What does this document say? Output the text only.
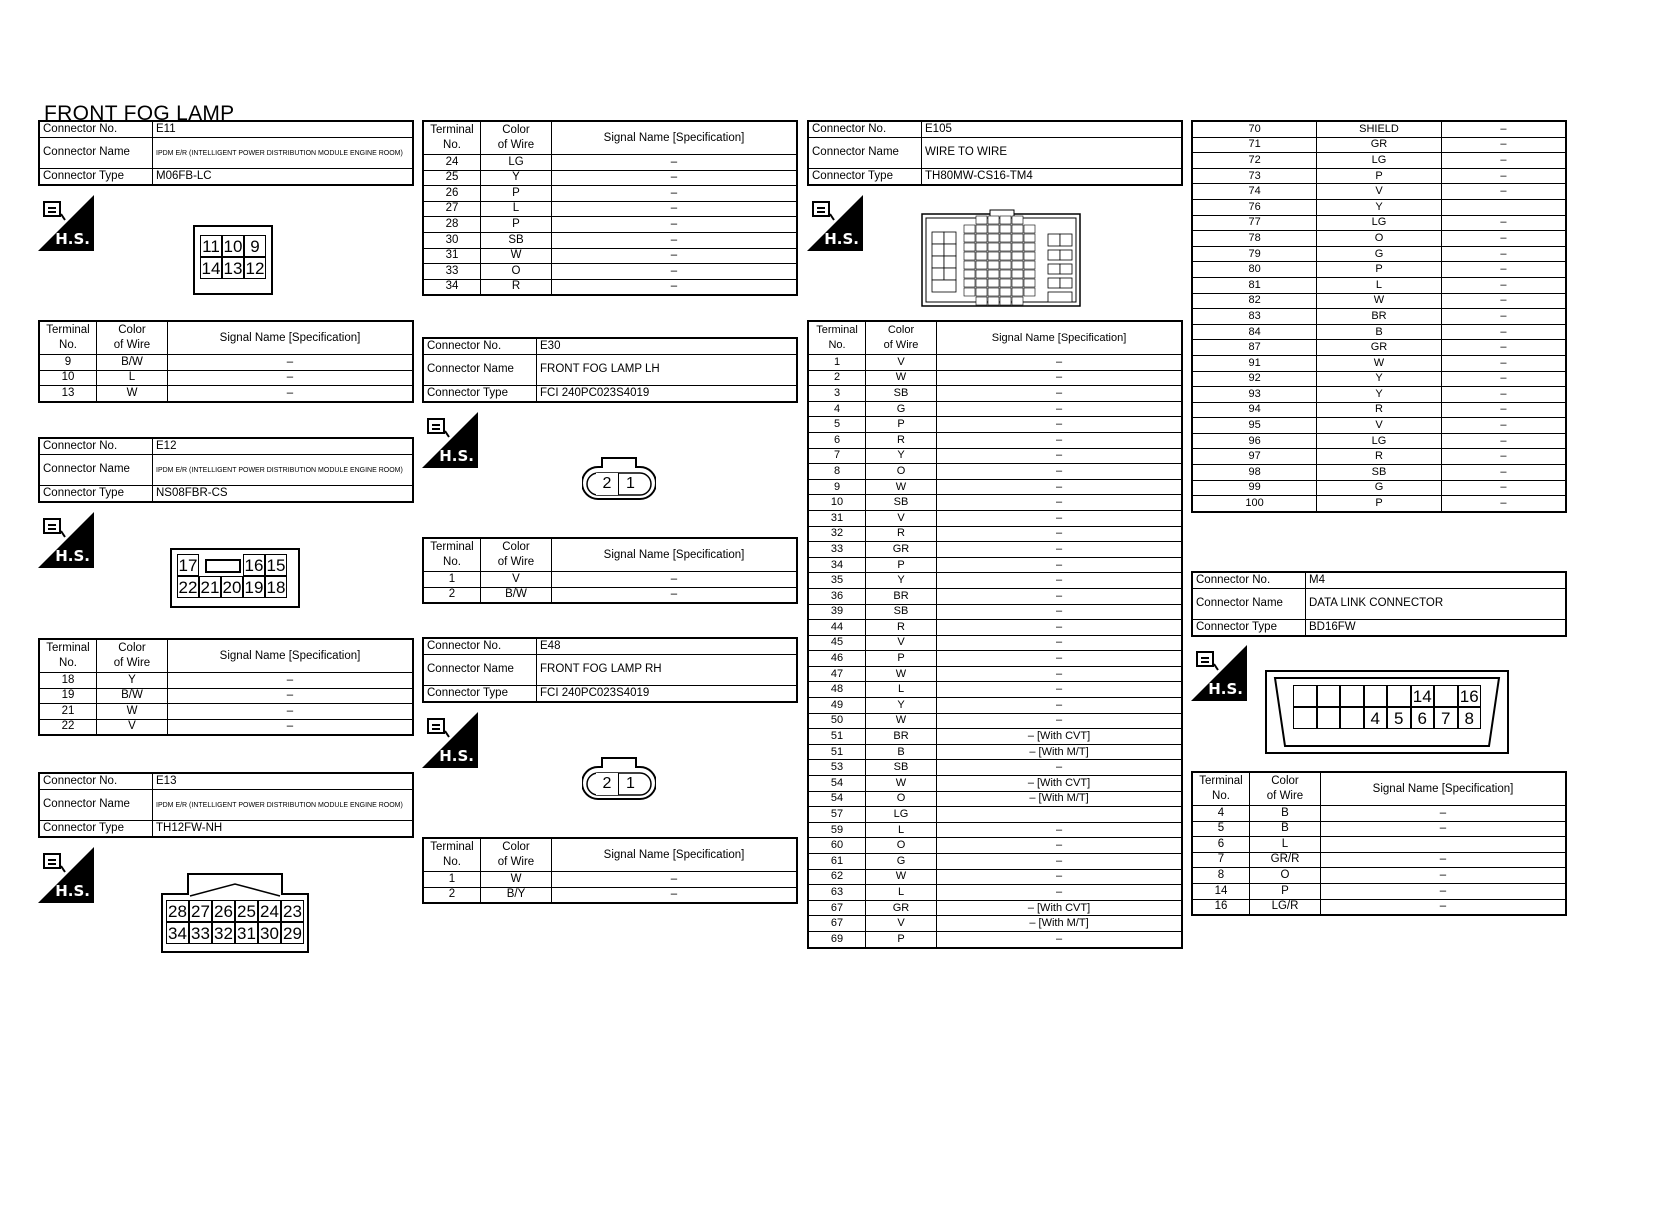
FRONT FOG LAMP
Connector No.	E11
Connector Name	IPDM E/R (INTELLIGENT POWER DISTRIBUTION MODULE ENGINE ROOM)
Connector Type	M06FB-LC
H.S.	11 10 9
14 13 12
Terminal
No.	Color
of Wire	Signal Name [Specification]
9	B/W	–
10	L	–
13	W	–
Connector No.	E12
Connector Name	IPDM E/R (INTELLIGENT POWER DISTRIBUTION MODULE ENGINE ROOM)
Connector Type	NS08FBR-CS
H.S.	17	16 15
22 21 20 19 18
Terminal
No.	Color
of Wire	Signal Name [Specification]
18	Y	–
19	B/W	–
21	W	–
22	V	–
Connector No.	E13
Connector Name	IPDM E/R (INTELLIGENT POWER DISTRIBUTION MODULE ENGINE ROOM)
Connector Type	TH12FW-NH
H.S.
28 27 26 25 24 23
34 33 32 31 30 29
Terminal
No.	Color
of Wire	Signal Name [Specification]
24	LG	–
25	Y	–
26	P	–
27	L	–
28	P	–
30	SB	–
31	W	–
33	O	–
34	R	–
Connector No.	E30
Connector Name	FRONT FOG LAMP LH
Connector Type	FCI 240PC023S4019
H.S.
2 1
Terminal
No.	Color
of Wire	Signal Name [Specification]
1	V	–
2	B/W	–
Connector No.	E48
Connector Name	FRONT FOG LAMP RH
Connector Type	FCI 240PC023S4019
H.S.
2 1
Terminal
No.	Color
of Wire	Signal Name [Specification]
1	W	–
2	B/Y	–
Connector No.	E105
Connector Name	WIRE TO WIRE
Connector Type	TH80MW-CS16-TM4
H.S.
Terminal
No.	Color
of Wire	Signal Name [Specification]
1	V	–
2	W	–
3	SB	–
4	G	–
5	P	–
6	R	–
7	Y	–
8	O	–
9	W	–
10	SB	–
31	V	–
32	R	–
33	GR	–
34	P	–
35	Y	–
36	BR	–
39	SB	–
44	R	–
45	V	–
46	P	–
47	W	–
48	L	–
49	Y	–
50	W	–
51	BR	– [With CVT]
51	B	– [With M/T]
53	SB	–
54	W	– [With CVT]
54	O	– [With M/T]
57	LG	
59	L	–
60	O	–
61	G	–
62	W	–
63	L	–
67	GR	– [With CVT]
67	V	– [With M/T]
69	P	–
70	SHIELD	–
71	GR	–
72	LG	–
73	P	–
74	V	–
76	Y	
77	LG	–
78	O	–
79	G	–
80	P	–
81	L	–
82	W	–
83	BR	–
84	B	–
87	GR	–
91	W	–
92	Y	–
93	Y	–
94	R	–
95	V	–
96	LG	–
97	R	–
98	SB	–
99	G	–
100	P	–
Connector No.	M4
Connector Name	DATA LINK CONNECTOR
Connector Type	BD16FW
H.S.	14 16
4 5 6 7 8
Terminal
No.	Color
of Wire	Signal Name [Specification]
4	B	–
5	B	–
6	L	
7	GR/R	–
8	O	–
14	P	–
16	LG/R	–
